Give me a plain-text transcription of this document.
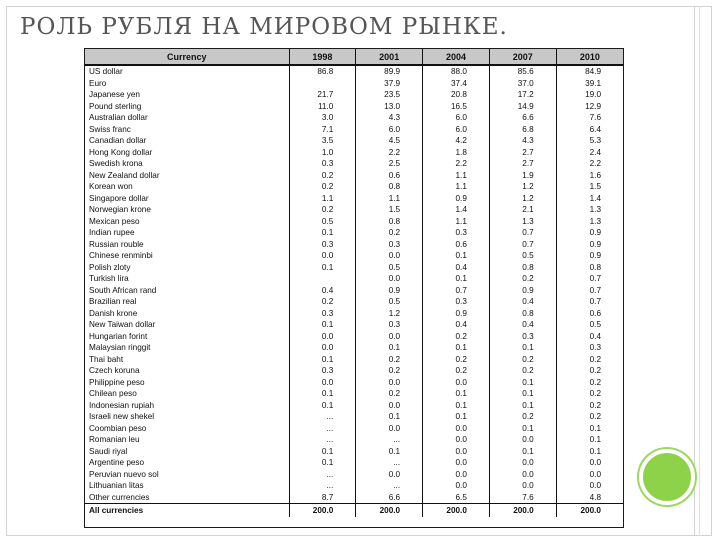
РОЛЬ РУБЛЯ НА МИРОВОМ РЫНКЕ.
Currency	1998	2001	2004	2007	2010
US dollar	86.8	89.9	88.0	85.6	84.9
Euro		37.9	37.4	37.0	39.1
Japanese yen	21.7	23.5	20.8	17.2	19.0
Pound sterling	11.0	13.0	16.5	14.9	12.9
Australian dollar	3.0	4.3	6.0	6.6	7.6
Swiss franc	7.1	6.0	6.0	6.8	6.4
Canadian dollar	3.5	4.5	4.2	4.3	5.3
Hong Kong dollar	1.0	2.2	1.8	2.7	2.4
Swedish krona	0.3	2.5	2.2	2.7	2.2
New Zealand dollar	0.2	0.6	1.1	1.9	1.6
Korean won	0.2	0.8	1.1	1.2	1.5
Singapore dollar	1.1	1.1	0.9	1.2	1.4
Norwegian krone	0.2	1.5	1.4	2.1	1.3
Mexican peso	0.5	0.8	1.1	1.3	1.3
Indian rupee	0.1	0.2	0.3	0.7	0.9
Russian rouble	0.3	0.3	0.6	0.7	0.9
Chinese renminbi	0.0	0.0	0.1	0.5	0.9
Polish zloty	0.1	0.5	0.4	0.8	0.8
Turkish lira		0.0	0.1	0.2	0.7
South African rand	0.4	0.9	0.7	0.9	0.7
Brazilian real	0.2	0.5	0.3	0.4	0.7
Danish krone	0.3	1.2	0.9	0.8	0.6
New Taiwan dollar	0.1	0.3	0.4	0.4	0.5
Hungarian forint	0.0	0.0	0.2	0.3	0.4
Malaysian ringgit	0.0	0.1	0.1	0.1	0.3
Thai baht	0.1	0.2	0.2	0.2	0.2
Czech koruna	0.3	0.2	0.2	0.2	0.2
Philippine peso	0.0	0.0	0.0	0.1	0.2
Chilean peso	0.1	0.2	0.1	0.1	0.2
Indonesian rupiah	0.1	0.0	0.1	0.1	0.2
Israeli new shekel	...	0.1	0.1	0.2	0.2
Coombian peso	...	0.0	0.0	0.1	0.1
Romanian leu	...	...	0.0	0.0	0.1
Saudi riyal	0.1	0.1	0.0	0.1	0.1
Argentine peso	0.1	...	0.0	0.0	0.0
Peruvian nuevo sol	...	0.0	0.0	0.0	0.0
Lithuanian litas	...	...	0.0	0.0	0.0
Other currencies	8.7	6.6	6.5	7.6	4.8
All currencies	200.0	200.0	200.0	200.0	200.0
